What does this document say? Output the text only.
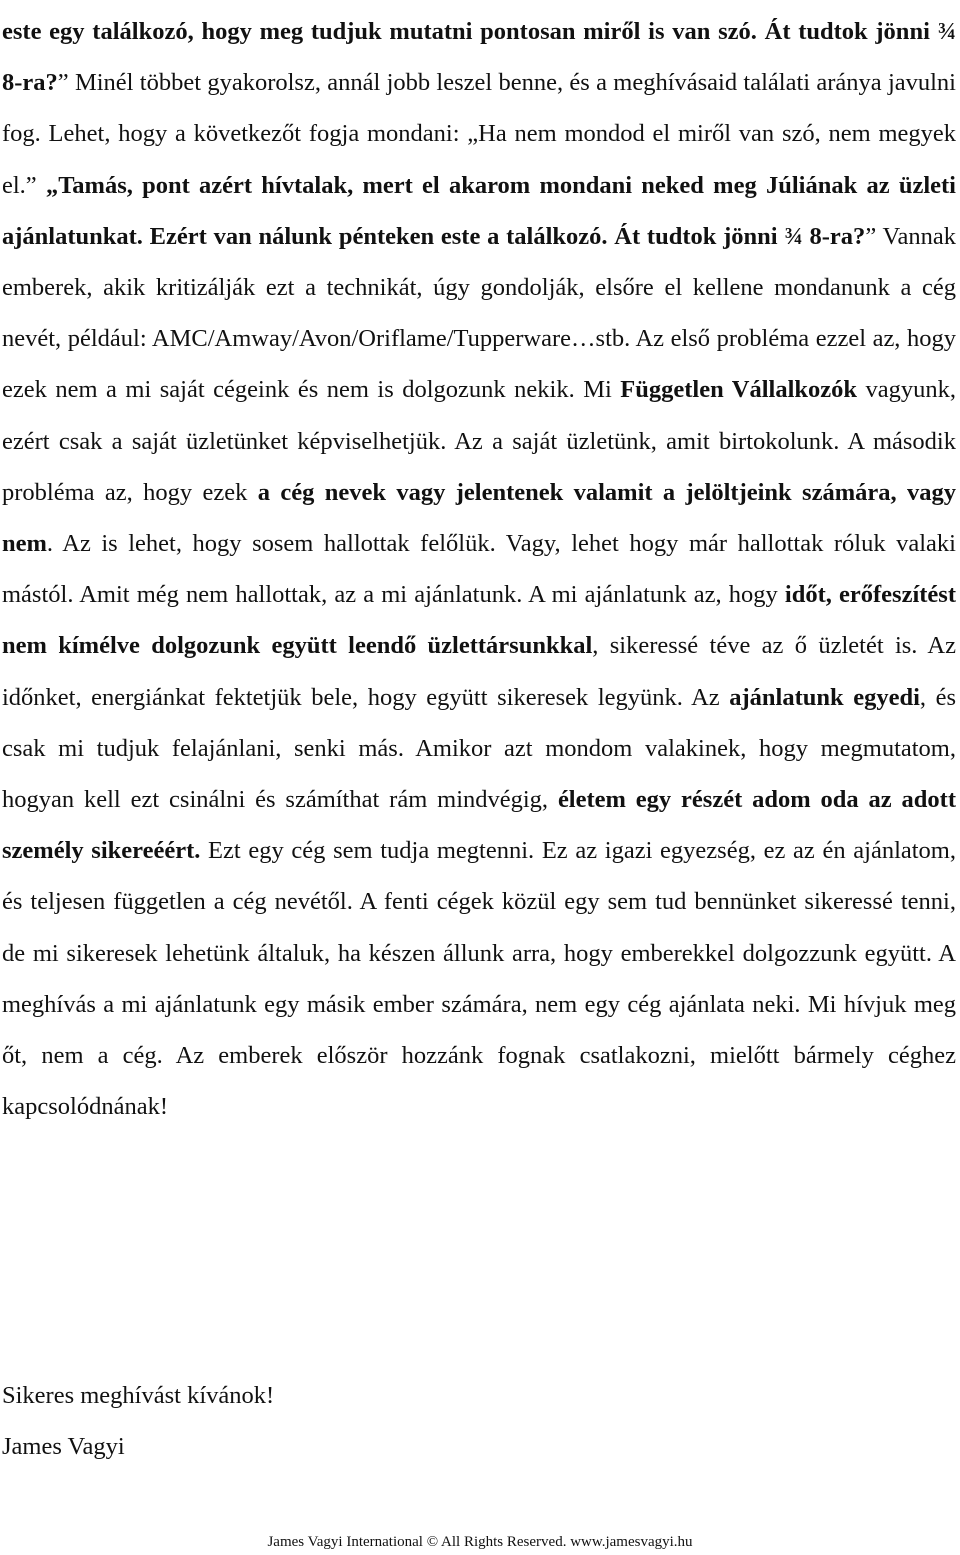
este egy találkozó, hogy meg tudjuk mutatni pontosan miről is van szó. Át tudtok jönni ¾ 8-ra?” Minél többet gyakorolsz, annál jobb leszel benne, és a meghívásaid találati aránya javulni fog. Lehet, hogy a következőt fogja mondani: „Ha nem mondod el miről van szó, nem megyek el.” „Tamás, pont azért hívtalak, mert el akarom mondani neked meg Júliának az üzleti ajánlatunkat. Ezért van nálunk pénteken este a találkozó. Át tudtok jönni ¾ 8-ra?” Vannak emberek, akik kritizálják ezt a technikát, úgy gondolják, elsőre el kellene mondanunk a cég nevét, például: AMC/Amway/Avon/Oriflame/Tupperware…stb. Az első probléma ezzel az, hogy ezek nem a mi saját cégeink és nem is dolgozunk nekik. Mi Független Vállalkozók vagyunk, ezért csak a saját üzletünket képviselhetjük. Az a saját üzletünk, amit birtokolunk. A második probléma az, hogy ezek a cég nevek vagy jelentenek valamit a jelöltjeink számára, vagy nem. Az is lehet, hogy sosem hallottak felőlük. Vagy, lehet hogy már hallottak róluk valaki mástól. Amit még nem hallottak, az a mi ajánlatunk. A mi ajánlatunk az, hogy időt, erőfeszítést nem kímélve dolgozunk együtt leendő üzlettársunkkal, sikeressé téve az ő üzletét is. Az időnket, energiánkat fektetjük bele, hogy együtt sikeresek legyünk. Az ajánlatunk egyedi, és csak mi tudjuk felajánlani, senki más. Amikor azt mondom valakinek, hogy megmutatom, hogyan kell ezt csinálni és számíthat rám mindvégig, életem egy részét adom oda az adott személy sikereéért. Ezt egy cég sem tudja megtenni. Ez az igazi egyezség, ez az én ajánlatom, és teljesen független a cég nevétől. A fenti cégek közül egy sem tud bennünket sikeressé tenni, de mi sikeresek lehetünk általuk, ha készen állunk arra, hogy emberekkel dolgozzunk együtt. A meghívás a mi ajánlatunk egy másik ember számára, nem egy cég ajánlata neki. Mi hívjuk meg őt, nem a cég. Az emberek először hozzánk fognak csatlakozni, mielőtt bármely céghez kapcsolódnának!

Sikeres meghívást kívánok!

James Vagyi

James Vagyi International © All Rights Reserved. www.jamesvagyi.hu
